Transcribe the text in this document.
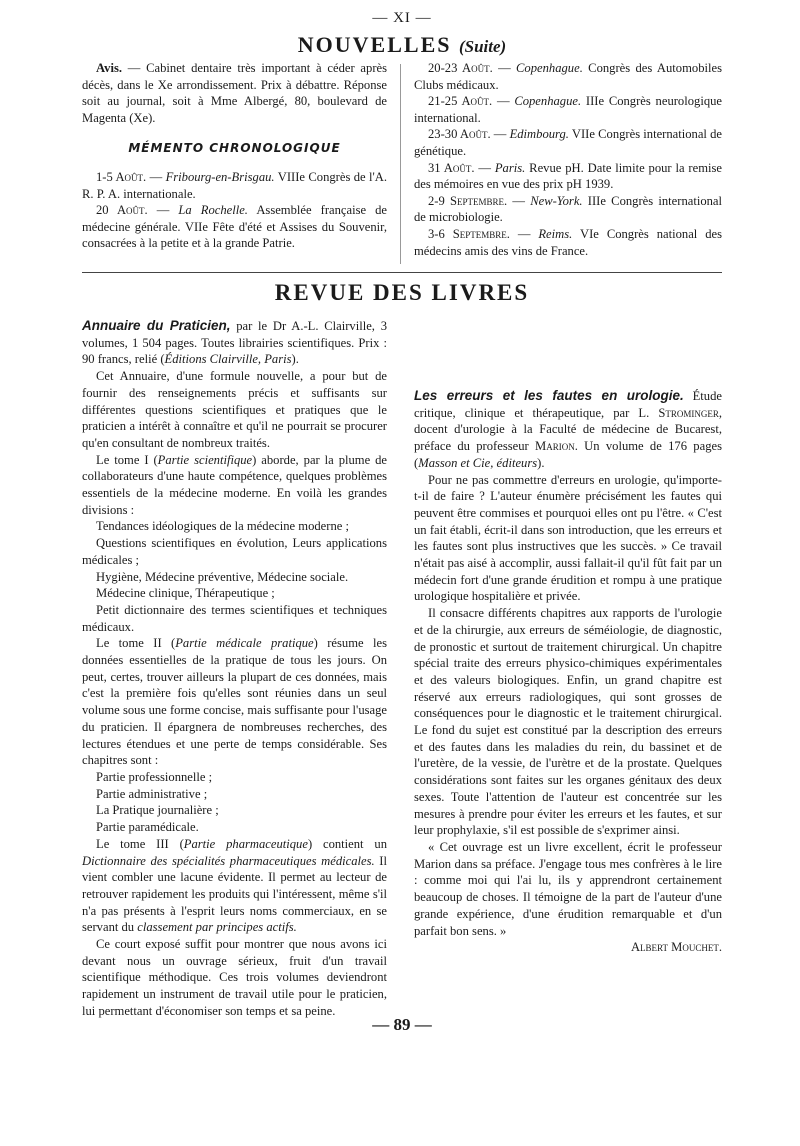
— XI —
NOUVELLES (Suite)

Avis. — Cabinet dentaire très important à céder après décès, dans le Xe arrondissement. Prix à débattre. Réponse soit au journal, soit à Mme Albergé, 80, boulevard de Magenta (Xe).

MÉMENTO CHRONOLOGIQUE

1-5 Août. — Fribourg-en-Brisgau. VIIIe Congrès de l'A. R. P. A. internationale.

20 Août. — La Rochelle. Assemblée française de médecine générale. VIIe Fête d'été et Assises du Souvenir, consacrées à la petite et à la grande Patrie.

20-23 Août. — Copenhague. Congrès des Automobiles Clubs médicaux.

21-25 Août. — Copenhague. IIIe Congrès neurologique international.

23-30 Août. — Edimbourg. VIIe Congrès international de génétique.

31 Août. — Paris. Revue pH. Date limite pour la remise des mémoires en vue des prix pH 1939.

2-9 Septembre. — New-York. IIIe Congrès international de microbiologie.

3-6 Septembre. — Reims. VIe Congrès national des médecins amis des vins de France.

REVUE DES LIVRES

Annuaire du Praticien, par le Dr A.-L. Clairville, 3 volumes, 1 504 pages. Toutes librairies scientifiques. Prix : 90 francs, relié (Éditions Clairville, Paris).

Cet Annuaire, d'une formule nouvelle, a pour but de fournir des renseignements précis et suffisants sur différentes questions scientifiques et pratiques que le praticien a intérêt à connaître et qu'il ne pourrait se procurer qu'en consultant de nombreux traités.

Le tome I (Partie scientifique) aborde, par la plume de collaborateurs d'une haute compétence, quelques problèmes essentiels de la médecine moderne. En voilà les grandes divisions :

Tendances idéologiques de la médecine moderne ;

Questions scientifiques en évolution, Leurs applications médicales ;

Hygiène, Médecine préventive, Médecine sociale.

Médecine clinique, Thérapeutique ;

Petit dictionnaire des termes scientifiques et techniques médicaux.

Le tome II (Partie médicale pratique) résume les données essentielles de la pratique de tous les jours. On peut, certes, trouver ailleurs la plupart de ces données, mais c'est la première fois qu'elles sont réunies dans un seul volume sous une forme concise, mais suffisante pour l'usage du praticien. Il épargnera de nombreuses recherches, des lectures étendues et une perte de temps considérable. Ses chapitres sont :

Partie professionnelle ;

Partie administrative ;

La Pratique journalière ;

Partie paramédicale.

Le tome III (Partie pharmaceutique) contient un Dictionnaire des spécialités pharmaceutiques médicales. Il vient combler une lacune évidente. Il permet au lecteur de retrouver rapidement les produits qui l'intéressent, même s'il n'a pas présents à l'esprit leurs noms commerciaux, en se servant du classement par principes actifs.

Ce court exposé suffit pour montrer que nous avons ici devant nous un ouvrage sérieux, fruit d'un travail scientifique méthodique. Ces trois volumes deviendront rapidement un instrument de travail utile pour le praticien, lui permettant d'économiser son temps et sa peine.

Les erreurs et les fautes en urologie. Étude critique, clinique et thérapeutique, par L. Strominger, docent d'urologie à la Faculté de médecine de Bucarest, préface du professeur Marion. Un volume de 176 pages (Masson et Cie, éditeurs).

Pour ne pas commettre d'erreurs en urologie, qu'importe-t-il de faire ? L'auteur énumère précisément les fautes qui peuvent être commises et pourquoi elles ont pu l'être. « C'est un fait établi, écrit-il dans son introduction, que les erreurs et les fautes sont plus instructives que les succès. » Ce travail n'était pas aisé à accomplir, aussi fallait-il qu'il fût fait par un médecin fort d'une grande érudition et rompu à une pratique urologique hospitalière et privée.

Il consacre différents chapitres aux rapports de l'urologie et de la chirurgie, aux erreurs de séméiologie, de diagnostic, de pronostic et surtout de traitement chirurgical. Un chapitre spécial traite des erreurs physico-chimiques expérimentales et des valeurs biologiques. Enfin, un grand chapitre est réservé aux erreurs radiologiques, qui sont grosses de conséquences pour le diagnostic et le traitement chirurgical. Le fond du sujet est constitué par la description des erreurs et des fautes dans les maladies du rein, du bassinet et de l'uretère, de la vessie, de l'urètre et de la prostate. Quelques considérations sont faites sur les organes génitaux des deux sexes. Toute l'attention de l'auteur est concentrée sur les mesures à prendre pour éviter les erreurs et les fautes, et sur leur prophylaxie, s'il est possible de s'exprimer ainsi.

« Cet ouvrage est un livre excellent, écrit le professeur Marion dans sa préface. J'engage tous mes confrères à le lire : comme moi qui l'ai lu, ils y apprendront certainement beaucoup de choses. Il témoigne de la part de l'auteur d'une grande expérience, d'une érudition remarquable et d'un parfait bon sens. »

Albert Mouchet.

— 89 —
